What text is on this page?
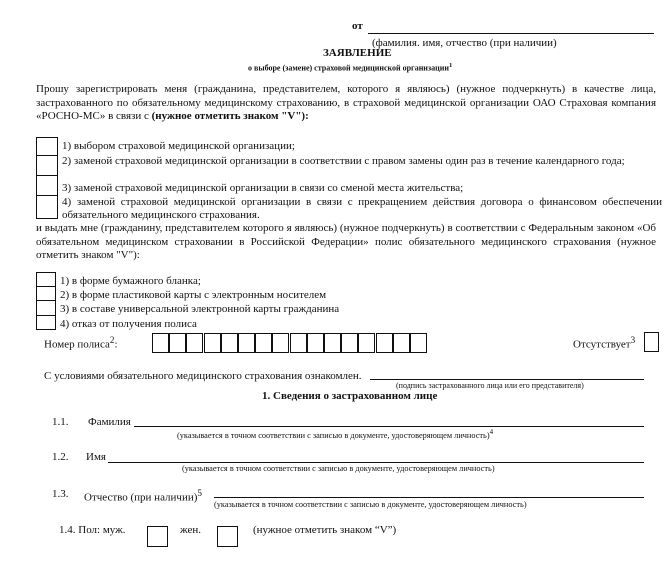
от
(фамилия. имя, отчество (при наличии)
ЗАЯВЛЕНИЕ
о выборе (замене) страховой медицинской организации$^1$
Прошу зарегистрировать меня (гражданина, представителем, которого я являюсь) (нужное подчеркнуть) в качестве лица, застрахованного по обязательному медицинскому страхованию, в страховой медицинской организации ОАО Страховая компания «РОСНО-МС» в связи с (нужное отметить знаком "V"):
1) выбором страховой медицинской организации;
2) заменой страховой медицинской организации в соответствии с правом замены один раз в течение календарного года;
3) заменой страховой медицинской организации в связи со сменой места жительства;
4) заменой страховой медицинской организации в связи с прекращением действия договора о финансовом обеспечении обязательного медицинского страхования.
и выдать мне (гражданину, представителем которого я являюсь) (нужное подчеркнуть) в соответствии с Федеральным законом «Об обязательном медицинском страховании в Российской Федерации» полис обязательного медицинского страхования (нужное отметить знаком "V"):
1) в форме бумажного бланка;
2) в форме пластиковой карты с электронным носителем
3) в составе универсальной электронной карты гражданина
4) отказ от получения полиса
Номер полиса$^2$:	Отсутствует$^3$
С условиями обязательного медицинского страхования ознакомлен.
(подпись застрахованного лица или его представителя)
1. Сведения о застрахованном лице
1.1. Фамилия
(указывается в точном соответствии с записью в документе, удостоверяющем личность)$^4$
1.2. Имя
(указывается в точном соответствии с записью в документе, удостоверяющем личность)
1.3. Отчество (при наличии)$^5$
(указывается в точном соответствии с записью в документе, удостоверяющем личность)
1.4. Пол: муж.	жен.	(нужное отметить знаком “V”)
